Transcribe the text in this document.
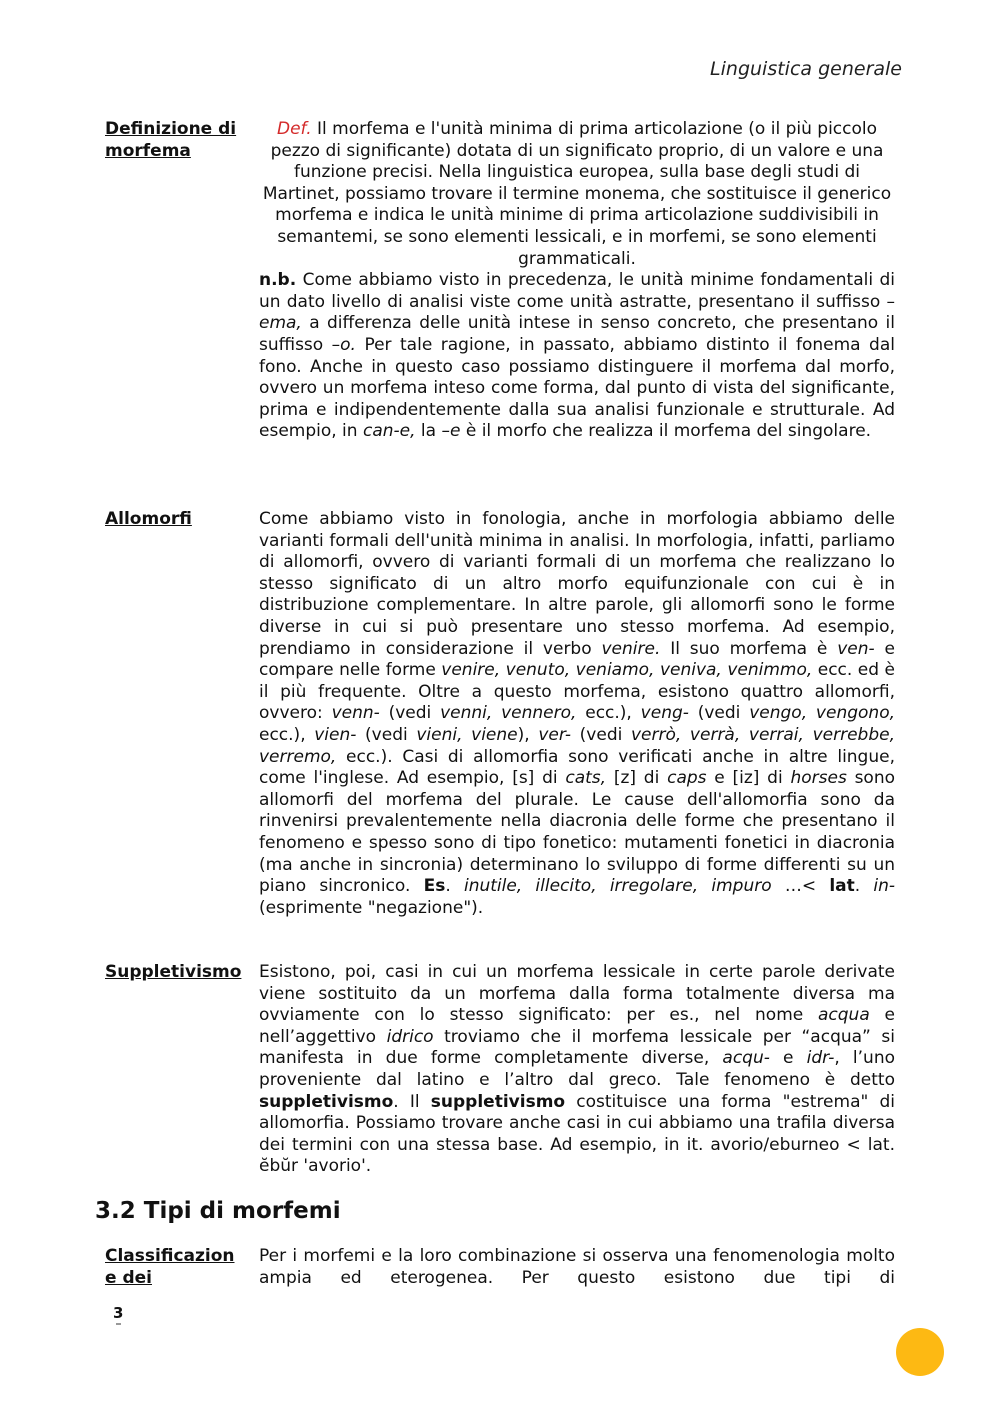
Linguistica generale
Definizione di morfema
Def. Il morfema e l'unità minima di prima articolazione (o il più piccolo pezzo di significante) dotata di un significato proprio, di un valore e una funzione precisi. Nella linguistica europea, sulla base degli studi di Martinet, possiamo trovare il termine monema, che sostituisce il generico morfema e indica le unità minime di prima articolazione suddivisibili in semantemi, se sono elementi lessicali, e in morfemi, se sono elementi grammaticali.
n.b. Come abbiamo visto in precedenza, le unità minime fondamentali di un dato livello di analisi viste come unità astratte, presentano il suffisso –ema, a differenza delle unità intese in senso concreto, che presentano il suffisso –o. Per tale ragione, in passato, abbiamo distinto il fonema dal fono. Anche in questo caso possiamo distinguere il morfema dal morfo, ovvero un morfema inteso come forma, dal punto di vista del significante, prima e indipendentemente dalla sua analisi funzionale e strutturale. Ad esempio, in can-e, la –e è il morfo che realizza il morfema del singolare.
Allomorfi	Come abbiamo visto in fonologia, anche in morfologia abbiamo delle varianti formali dell'unità minima in analisi. In morfologia, infatti, parliamo di allomorfi, ovvero di varianti formali di un morfema che realizzano lo stesso significato di un altro morfo equifunzionale con cui è in distribuzione complementare. In altre parole, gli allomorfi sono le forme diverse in cui si può presentare uno stesso morfema. Ad esempio, prendiamo in considerazione il verbo venire. Il suo morfema è ven- e compare nelle forme venire, venuto, veniamo, veniva, venimmo, ecc. ed è il più frequente. Oltre a questo morfema, esistono quattro allomorfi, ovvero: venn- (vedi venni, vennero, ecc.), veng- (vedi vengo, vengono, ecc.), vien- (vedi vieni, viene), ver- (vedi verrò, verrà, verrai, verrebbe, verremo, ecc.). Casi di allomorfia sono verificati anche in altre lingue, come l'inglese. Ad esempio, [s] di cats, [z] di caps e [iz] di horses sono allomorfi del morfema del plurale. Le cause dell'allomorfia sono da rinvenirsi prevalentemente nella diacronia delle forme che presentano il fenomeno e spesso sono di tipo fonetico: mutamenti fonetici in diacronia (ma anche in sincronia) determinano lo sviluppo di forme differenti su un piano sincronico. Es. inutile, illecito, irregolare, impuro …< lat. in- (esprimente "negazione").
Suppletivismo Esistono, poi, casi in cui un morfema lessicale in certe parole derivate viene sostituito da un morfema dalla forma totalmente diversa ma ovviamente con lo stesso significato: per es., nel nome acqua e nell’aggettivo idrico troviamo che il morfema lessicale per “acqua” si manifesta in due forme completamente diverse, acqu- e idr-, l’uno proveniente dal latino e l’altro dal greco. Tale fenomeno è detto suppletivismo. Il suppletivismo costituisce una forma "estrema" di allomorfia. Possiamo trovare anche casi in cui abbiamo una trafila diversa dei termini con una stessa base. Ad esempio, in it. avorio/eburneo < lat. ĕbŭr 'avorio'.
3.2 Tipi di morfemi
Classificazione dei
Per i morfemi e la loro combinazione si osserva una fenomenologia molto ampia ed eterogenea. Per questo esistono due tipi di
3
